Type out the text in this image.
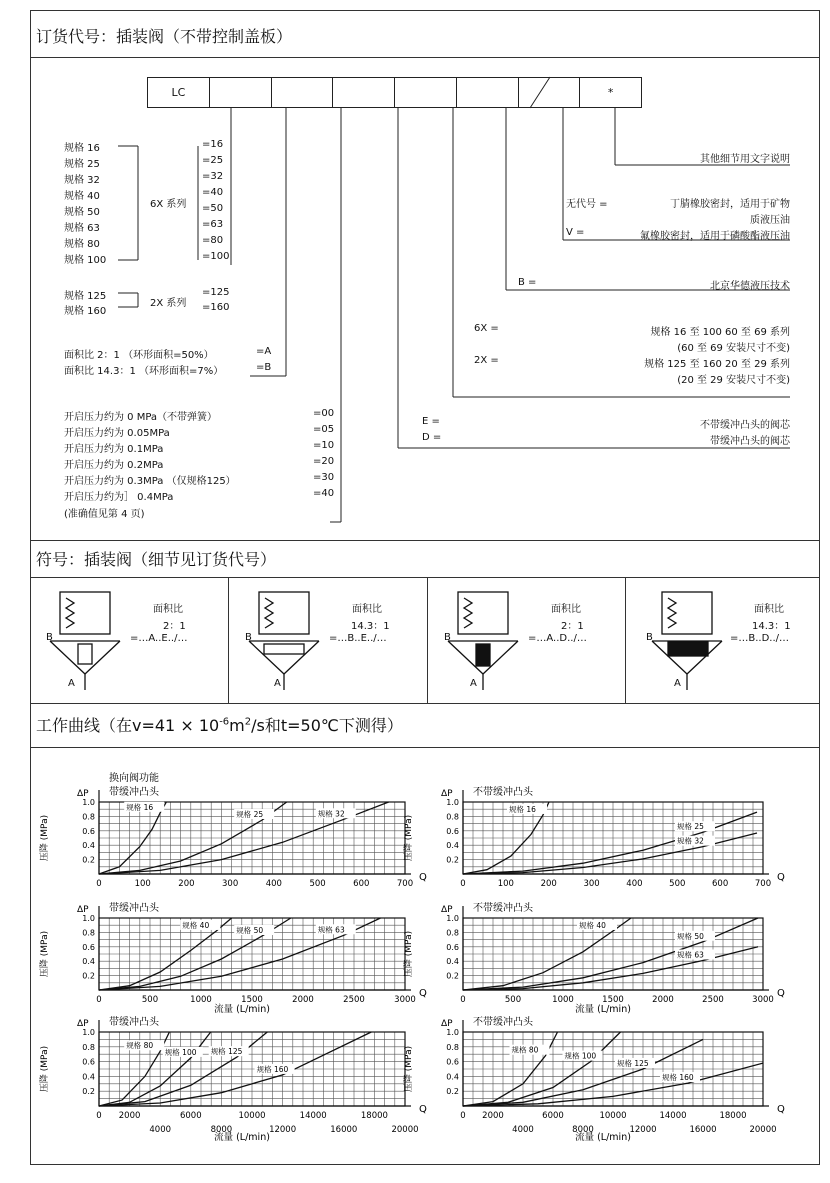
订货代号：插装阀（不带控制盖板）
LC	*
规格 16	=16
规格 25	=25
规格 32	=32
规格 40	=40
规格 50	=50
规格 63	=63
规格 80	=80
规格 100	=100
6X 系列
规格 125	=125
规格 160	=160
2X 系列
面积比 2：1 （环形面积=50%）	=A
面积比 14.3：1 （环形面积=7%）	=B
开启压力约为 0 MPa（不带弹簧）	=00
开启压力约为 0.05MPa	=05
开启压力约为 0.1MPa	=10
开启压力约为 0.2MPa	=20
开启压力约为 0.3MPa （仅规格125）	=30
开启压力约为］ 0.4MPa	=40
(准确值见第 4 页)
其他细节用文字说明
无代号 =	丁腈橡胶密封，适用于矿物
质液压油
V =	氟橡胶密封，适用于磷酸酯液压油
B =	北京华德液压技术
6X =	规格 16 至 100 60 至 69 系列
(60 至 69 安装尺寸不变)
2X =	规格 125 至 160 20 至 29 系列
(20 至 29 安装尺寸不变)
E =	不带缓冲凸头的阀芯
D =	带缓冲凸头的阀芯
符号：插装阀（细节见订货代号）
B
A
面积比
2：1
=…A..E../…	B
A
面积比
14.3：1
=…B..E../…	B
A
面积比
2：1
=…A..D../…	B
A
面积比
14.3：1
=…B..D../…
工作曲线（在$v=41 \times 10^{-6}m^2/s$和t=50℃下测得）
0.2
0.4
0.6
0.8
1.0
0	100	200	300	400	500	600	700
Q
ΔP
压降 (MPa)
换向阀功能
带缓冲凸头
规格 16
规格 25	规格 32
0.2
0.4
0.6
0.8
1.0
0	100	200	300	400	500	600	700
Q
ΔP
压降 (MPa)
不带缓冲凸头
规格 16
规格 25
规格 32
0.2
0.4
0.6
0.8
1.0
0	500	1000	1500	2000	2500	3000
Q
ΔP
压降 (MPa)
带缓冲凸头
流量 (L/min)
规格 40
规格 50	规格 63
0.2
0.4
0.6
0.8
1.0
0	500	1000	1500	2000	2500	3000
Q
ΔP
压降 (MPa)
不带缓冲凸头
流量 (L/min)
规格 40
规格 50
规格 63
0.2
0.4
0.6
0.8
1.0
0 2000
4000
6000
8000
10000
12000
14000
16000
18000
20000
Q
ΔP
压降 (MPa)
带缓冲凸头
流量 (L/min)
规格 80
规格 100 规格 125
规格 160
0.2
0.4
0.6
0.8
1.0
0 2000
4000
6000
8000
10000
12000
14000
16000
18000
20000
Q
ΔP
压降 (MPa)
不带缓冲凸头
流量 (L/min)
规格 80
规格 100
规格 125
规格 160
